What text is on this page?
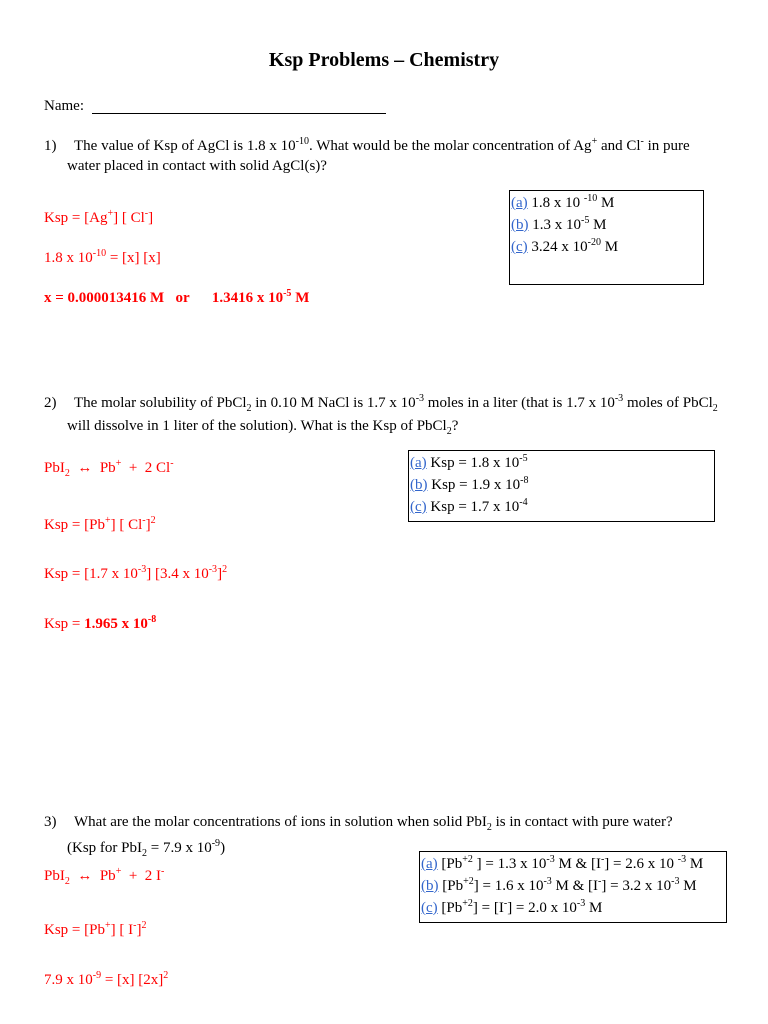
Ksp Problems – Chemistry
Name:
1) The value of Ksp of AgCl is 1.8 x 10 $^{-10}$ . What would be the molar concentration of Ag +  and Cl -  in pure
water placed in contact with solid AgCl(s)?
(a)  1.8 x 10  $^{-10}$  M
(b)  1.3 x 10 $^{-5}$  M
(c)  3.24 x 10 $^{-20}$  M
Ksp = [Ag + ] [ Cl - ]
1.8 x 10 $^{-10}$  = [x] [x]
x = 0.000013416 M   or      1.3416 x 10 $^{-5}$  M
2) The molar solubility of PbCl $_2$  in 0.10 M NaCl is 1.7 x 10 $^{-3}$  moles in a liter (that is 1.7 x 10 $^{-3}$  moles of PbCl $_2$
will dissolve in 1 liter of the solution). What is the Ksp of PbCl $_2$ ?
(a)  Ksp = 1.8 x 10 $^{-5}$
(b)  Ksp = 1.9 x 10 $^{-8}$
(c)  Ksp = 1.7 x 10 $^{-4}$
PbI $_2$   ↔  Pb +   +  2 Cl -
Ksp = [Pb + ] [ Cl - ] $^2$
Ksp = [1.7 x 10 $^{-3}$ ] [3.4 x 10 $^{-3}$ ] $^2$
Ksp =  1.965 x 10 $^{-8}$
3) What are the molar concentrations of ions in solution when solid PbI $_2$  is in contact with pure water?
(Ksp for PbI $_2$  = 7.9 x 10 $^{-9}$ )
(a)  [Pb $^{+2}$  ] = 1.3 x 10 $^{-3}$  M & [I - ] = 2.6 x 10  $^{-3}$  M
(b)  [Pb $^{+2}$ ] = 1.6 x 10 $^{-3}$  M & [I - ] = 3.2 x 10 $^{-3}$  M
(c)  [Pb $^{+2}$ ] = [I - ] = 2.0 x 10 $^{-3}$  M
PbI $_2$   ↔  Pb +   +  2 I -
Ksp = [Pb + ] [ I - ] $^2$
7.9 x 10 $^{-9}$  = [x] [2x] $^2$
